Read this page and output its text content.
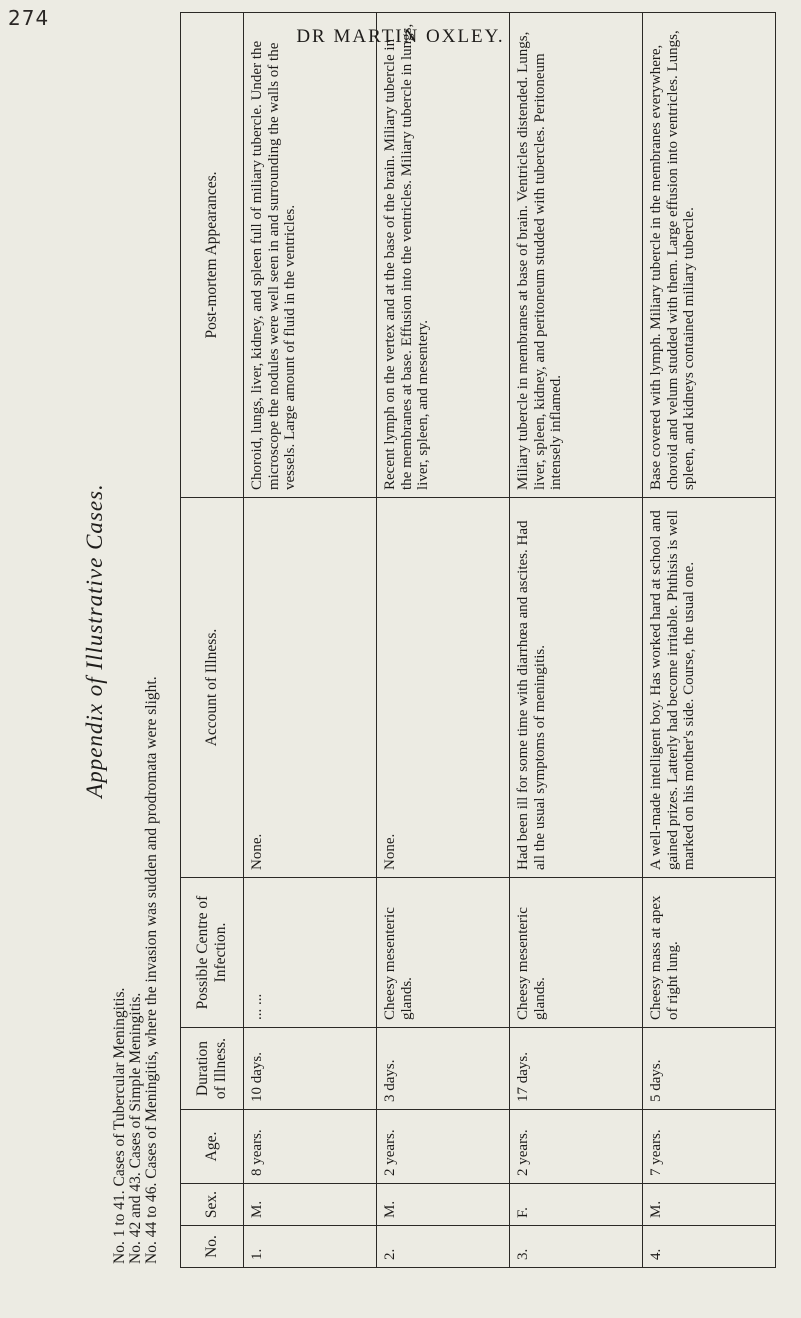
274
DR MARTIN OXLEY.
Appendix of Illustrative Cases.
No. 1 to 41. Cases of Tubercular Meningitis. No. 42 and 43. Cases of Simple Meningitis. No. 44 to 46. Cases of Meningitis, where the invasion was sudden and prodromata were slight.	No.	Sex.	Age.	Duration of Illness.	Possible Centre of Infection.	Account of Illness.	Post-mortem Appearances.
1.	M.	8 years.	10 days.	... ...	None.	Choroid, lungs, liver, kidney, and spleen full of miliary tubercle. Under the microscope the nodules were well seen in and surrounding the walls of the vessels. Large amount of fluid in the ventricles.
2.	M.	2 years.	3 days.	Cheesy mesenteric glands.	None.	Recent lymph on the vertex and at the base of the brain. Miliary tubercle in the membranes at base. Effusion into the ventricles. Miliary tubercle in lungs, liver, spleen, and mesentery.
3.	F.	2 years.	17 days.	Cheesy mesenteric glands.	Had been ill for some time with diarrhœa and ascites. Had all the usual symptoms of meningitis.	Miliary tubercle in membranes at base of brain. Ventricles distended. Lungs, liver, spleen, kidney, and peritoneum studded with tubercles. Peritoneum intensely inflamed.
4.	M.	7 years.	5 days.	Cheesy mass at apex of right lung.	A well-made intelligent boy. Has worked hard at school and gained prizes. Latterly had become irritable. Phthisis is well marked on his mother's side. Course, the usual one.	Base covered with lymph. Miliary tubercle in the membranes everywhere, choroid and velum studded with them. Large effusion into ventricles. Lungs, spleen, and kidneys contained miliary tubercle.
